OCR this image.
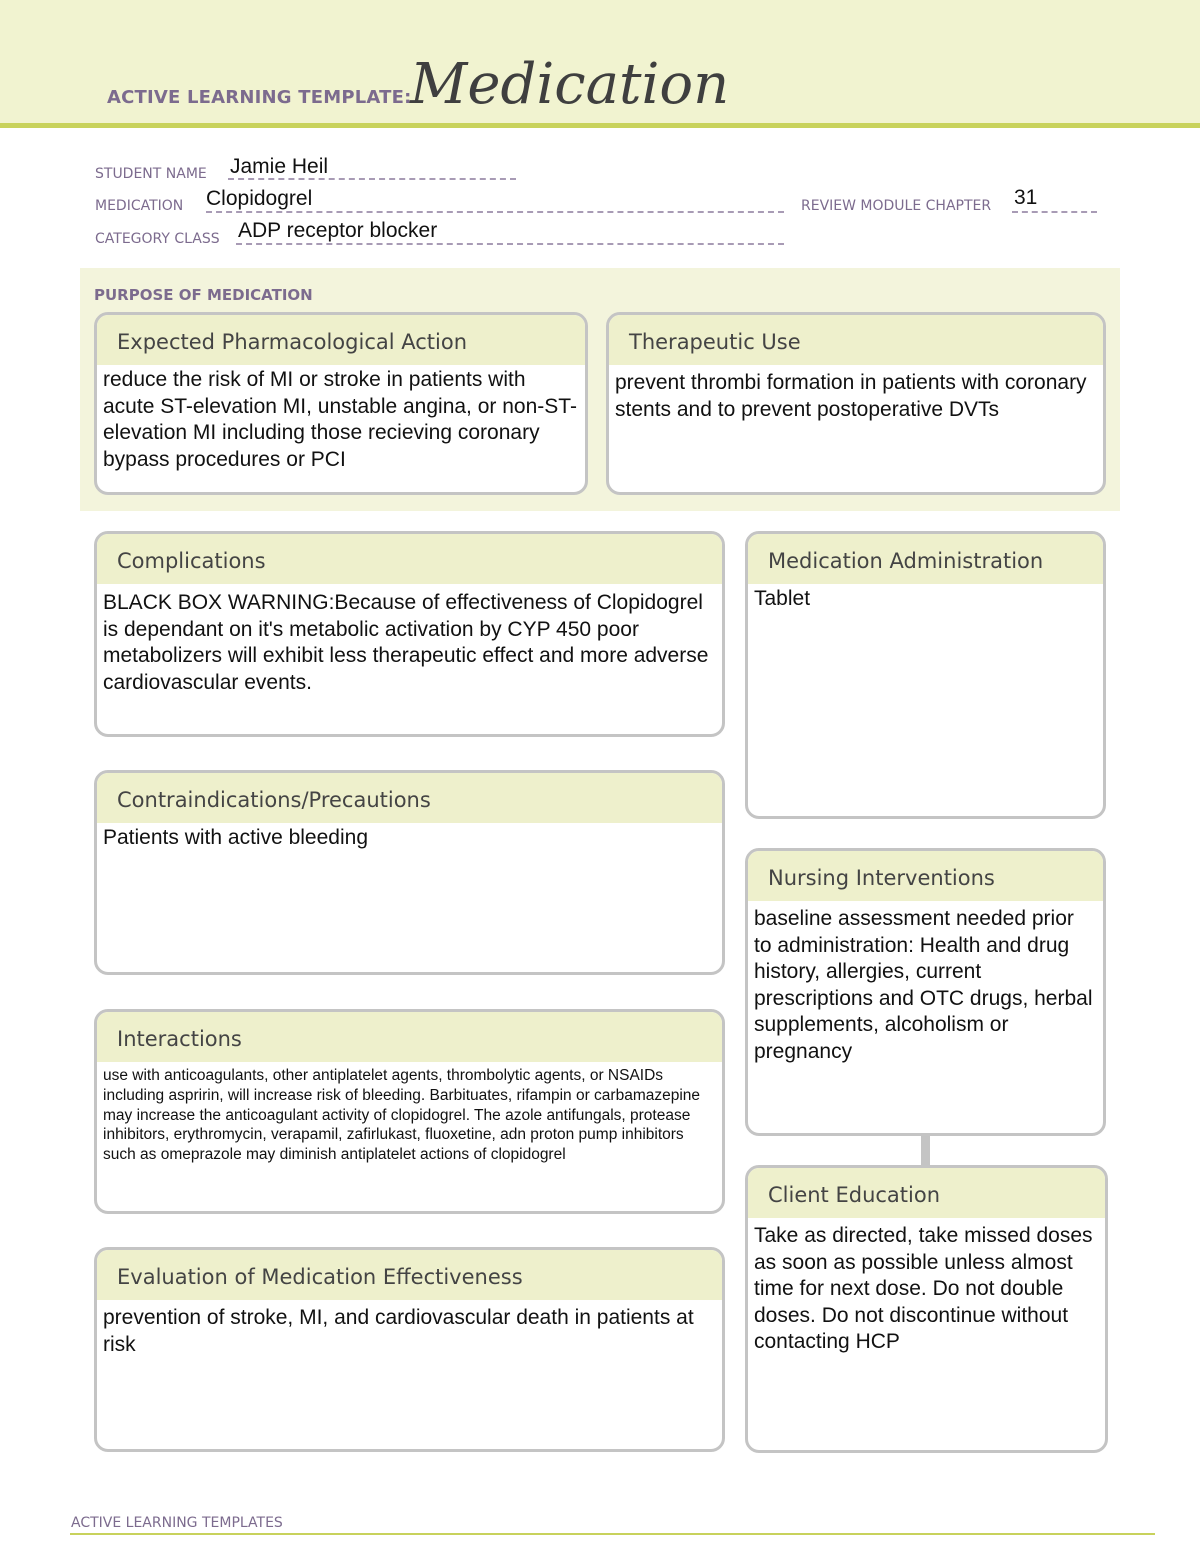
ACTIVE LEARNING TEMPLATE:
Medication
STUDENT NAME Jamie Heil
MEDICATION Clopidogrel	REVIEW MODULE CHAPTER 31
CATEGORY CLASS ADP receptor blocker
PURPOSE OF MEDICATION
Expected Pharmacological Action
reduce the risk of MI or stroke in patients with acute ST-elevation MI, unstable angina, or non-ST- elevation MI including those recieving coronary bypass procedures or PCI
Therapeutic Use
prevent thrombi formation in patients with coronary stents and to prevent postoperative DVTs
Complications
BLACK BOX WARNING:Because of effectiveness of Clopidogrel is dependant on it's metabolic activation by CYP 450 poor metabolizers will exhibit less therapeutic effect and more adverse cardiovascular events.
Contraindications/Precautions
Patients with active bleeding
Interactions
use with anticoagulants, other antiplatelet agents, thrombolytic agents, or NSAIDs including aspririn, will increase risk of bleeding. Barbituates, rifampin or carbamazepine may increase the anticoagulant activity of clopidogrel. The azole antifungals, protease inhibitors, erythromycin, verapamil, zafirlukast, fluoxetine, adn proton pump inhibitors such as omeprazole may diminish antiplatelet actions of clopidogrel
Evaluation of Medication Effectiveness
prevention of stroke, MI, and cardiovascular death in patients at risk
Medication Administration
Tablet
Nursing Interventions
baseline assessment needed prior to administration: Health and drug history, allergies, current prescriptions and OTC drugs, herbal supplements, alcoholism or pregnancy
Client Education
Take as directed, take missed doses as soon as possible unless almost time for next dose. Do not double doses. Do not discontinue without contacting HCP
ACTIVE LEARNING TEMPLATES
